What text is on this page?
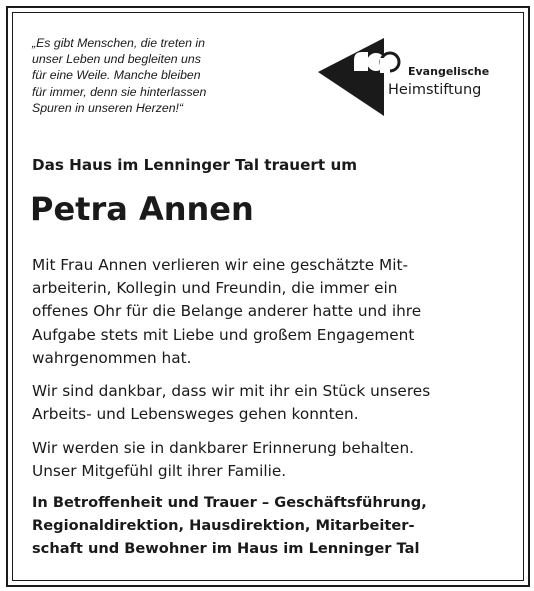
„Es gibt Menschen, die treten in
unser Leben und begleiten uns
für eine Weile. Manche bleiben
für immer, denn sie hinterlassen
Spuren in unseren Herzen!“

Evangelische
Heimstiftung
Das Haus im Lenninger Tal trauert um
Petra Annen

Mit Frau Annen verlieren wir eine geschätzte Mit-
arbeiterin, Kollegin und Freundin, die immer ein
offenes Ohr für die Belange anderer hatte und ihre
Aufgabe stets mit Liebe und großem Engagement
wahrgenommen hat.

Wir sind dankbar, dass wir mit ihr ein Stück unseres
Arbeits- und Lebensweges gehen konnten.

Wir werden sie in dankbarer Erinnerung behalten.
Unser Mitgefühl gilt ihrer Familie.

In Betroffenheit und Trauer – Geschäftsführung,
Regionaldirektion, Hausdirektion, Mitarbeiter-
schaft und Bewohner im Haus im Lenninger Tal
